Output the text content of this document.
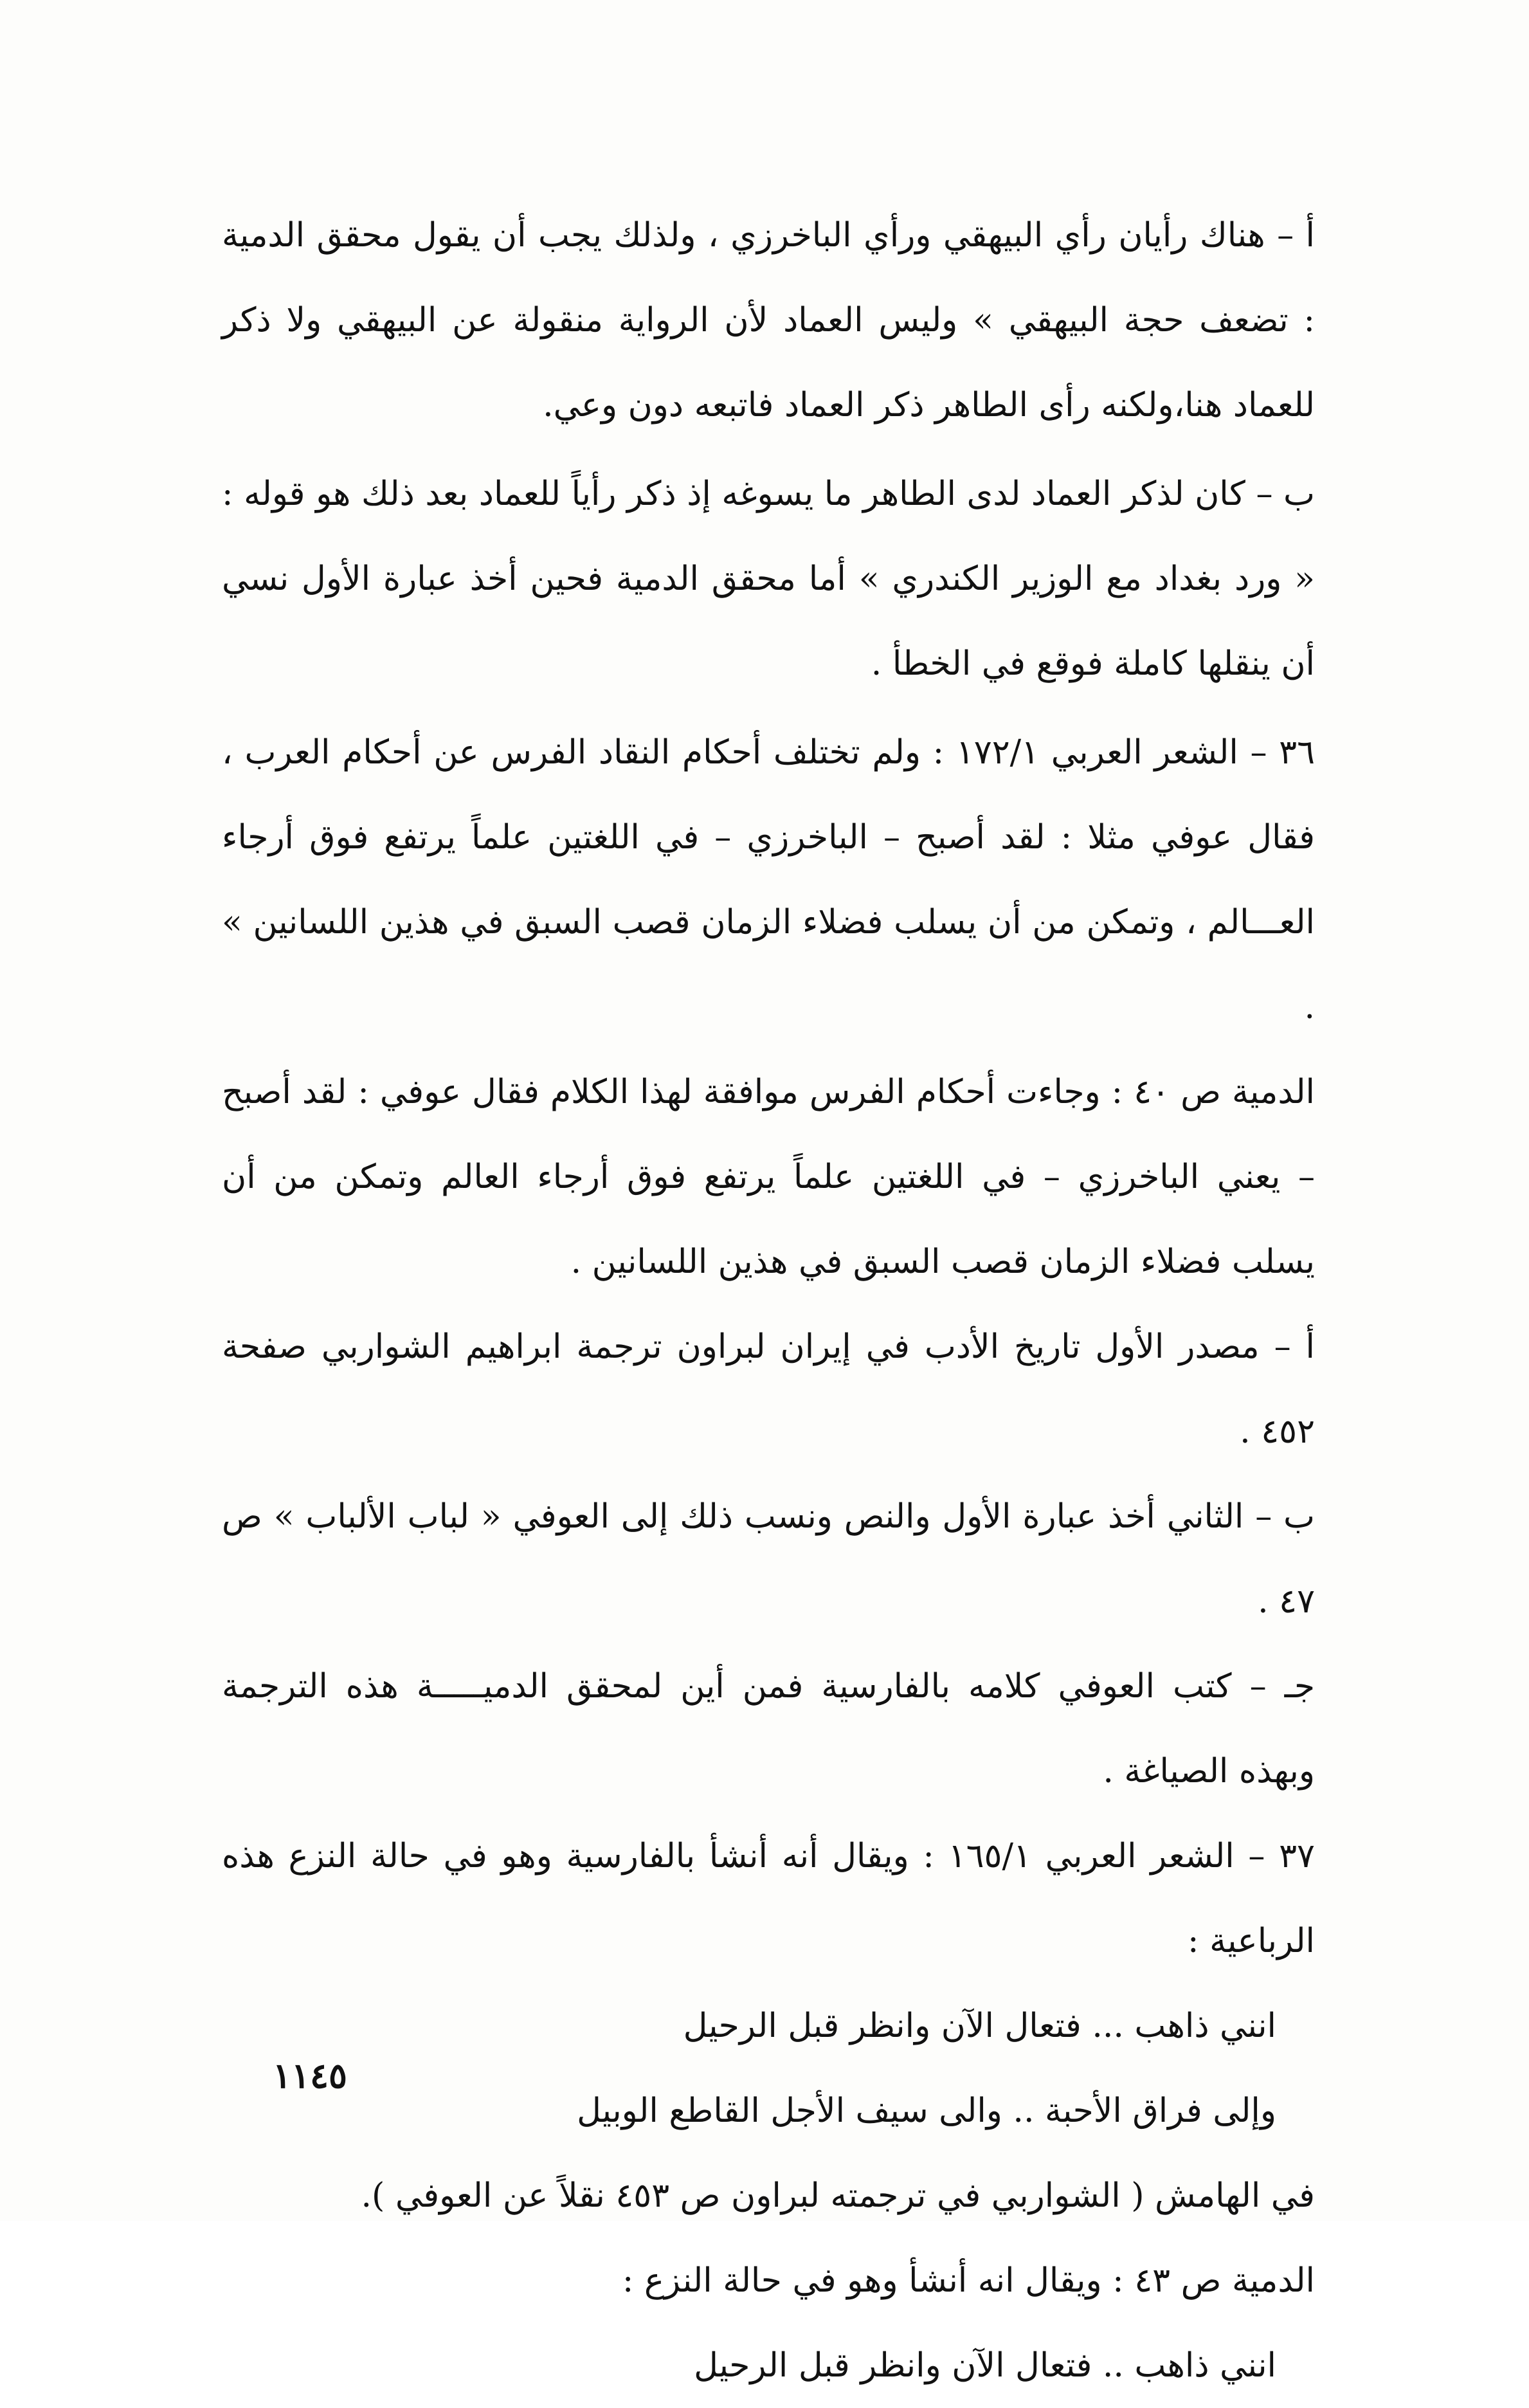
أ – هناك رأيان رأي البيهقي ورأي الباخرزي ، ولذلك يجب أن يقول محقق الدمية : تضعف حجة البيهقي » وليس العماد لأن الرواية منقولة عن البيهقي ولا ذكر للعماد هنا،ولكنه رأى الطاهر ذكر العماد فاتبعه دون وعي.

ب – كان لذكر العماد لدى الطاهر ما يسوغه إذ ذكر رأياً للعماد بعد ذلك هو قوله : « ورد بغداد مع الوزير الكندري » أما محقق الدمية فحين أخذ عبارة الأول نسي أن ينقلها كاملة فوقع في الخطأ .

٣٦ – الشعر العربي ١٧٢/١ : ولم تختلف أحكام النقاد الفرس عن أحكام العرب ، فقال عوفي مثلا : لقد أصبح – الباخرزي – في اللغتين علماً يرتفع فوق أرجاء العـــالم ، وتمكن من أن يسلب فضلاء الزمان قصب السبق في هذين اللسانين » .

الدمية ص ٤٠ : وجاءت أحكام الفرس موافقة لهذا الكلام فقال عوفي : لقد أصبح – يعني الباخرزي – في اللغتين علماً يرتفع فوق أرجاء العالم وتمكن من أن يسلب فضلاء الزمان قصب السبق في هذين اللسانين .

أ – مصدر الأول تاريخ الأدب في إيران لبراون ترجمة ابراهيم الشواربي صفحة ٤٥٢ .

ب – الثاني أخذ عبارة الأول والنص ونسب ذلك إلى العوفي « لباب الألباب » ص ٤٧ .

جـ – كتب العوفي كلامه بالفارسية فمن أين لمحقق الدميـــــة هذه الترجمة وبهذه الصياغة .

٣٧ – الشعر العربي ١٦٥/١ : ويقال أنه أنشأ بالفارسية وهو في حالة النزع هذه الرباعية :

انني ذاهب ... فتعال الآن وانظر قبل الرحيل

وإلى فراق الأحبة .. والى سيف الأجل القاطع الوبيل

في الهامش ( الشواربي في ترجمته لبراون ص ٤٥٣ نقلاً عن العوفي ).

الدمية ص ٤٣ : ويقال انه أنشأ وهو في حالة النزع :

انني ذاهب .. فتعال الآن وانظر قبل الرحيل

١١٤٥
